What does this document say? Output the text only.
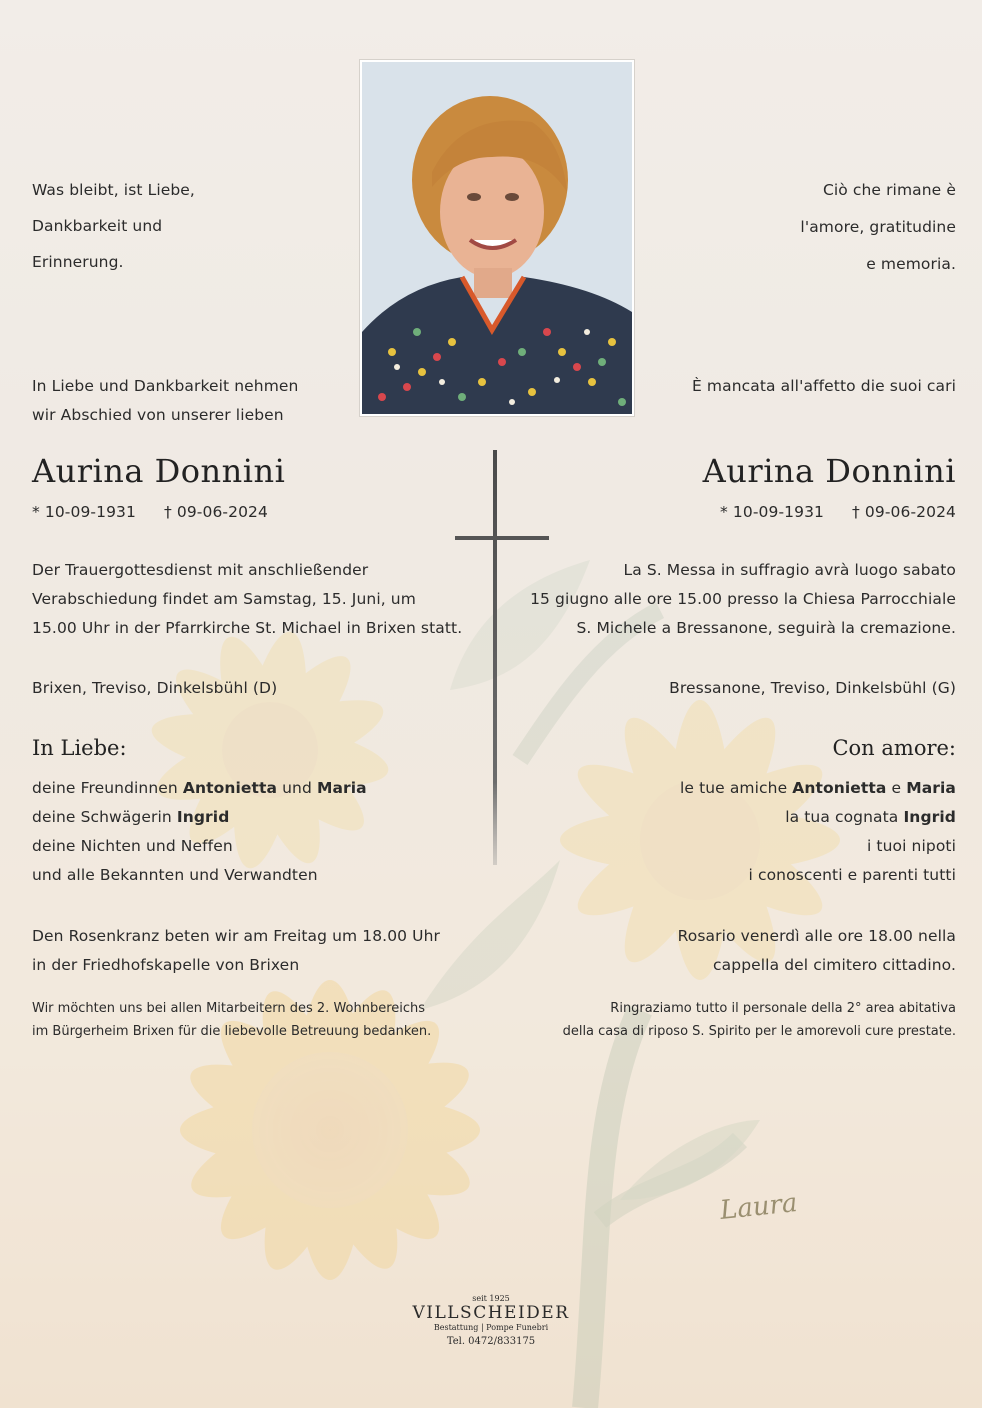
Was bleibt, ist Liebe,
Dankbarkeit und
Erinnerung.
In Liebe und Dankbarkeit nehmen
wir Abschied von unserer lieben
Aurina Donnini
* 10-09-1931 † 09-06-2024
Der Trauergottesdienst mit anschließender
Verabschiedung findet am Samstag, 15. Juni, um
15.00 Uhr in der Pfarrkirche St. Michael in Brixen statt.
Brixen, Treviso, Dinkelsbühl (D)
In Liebe:
deine Freundinnen Antonietta und Maria
deine Schwägerin Ingrid
deine Nichten und Neffen
und alle Bekannten und Verwandten
Den Rosenkranz beten wir am Freitag um 18.00 Uhr
in der Friedhofskapelle von Brixen
Wir möchten uns bei allen Mitarbeitern des 2. Wohnbereichs
im Bürgerheim Brixen für die liebevolle Betreuung bedanken.
Ciò che rimane è
l'amore, gratitudine
e memoria.
È mancata all'affetto die suoi cari
Aurina Donnini
* 10-09-1931 † 09-06-2024
La S. Messa in suffragio avrà luogo sabato
15 giugno alle ore 15.00 presso la Chiesa Parrocchiale
S. Michele a Bressanone, seguirà la cremazione.
Bressanone, Treviso, Dinkelsbühl (G)
Con amore:
le tue amiche Antonietta e Maria
la tua cognata Ingrid
i tuoi nipoti
i conoscenti e parenti tutti
Rosario venerdì alle ore 18.00 nella
cappella del cimitero cittadino.
Ringraziamo tutto il personale della 2° area abitativa
della casa di riposo S. Spirito per le amorevoli cure prestate.
Laura
seit 1925
VILLSCHEIDER
Bestattung | Pompe Funebri
Tel. 0472/833175
